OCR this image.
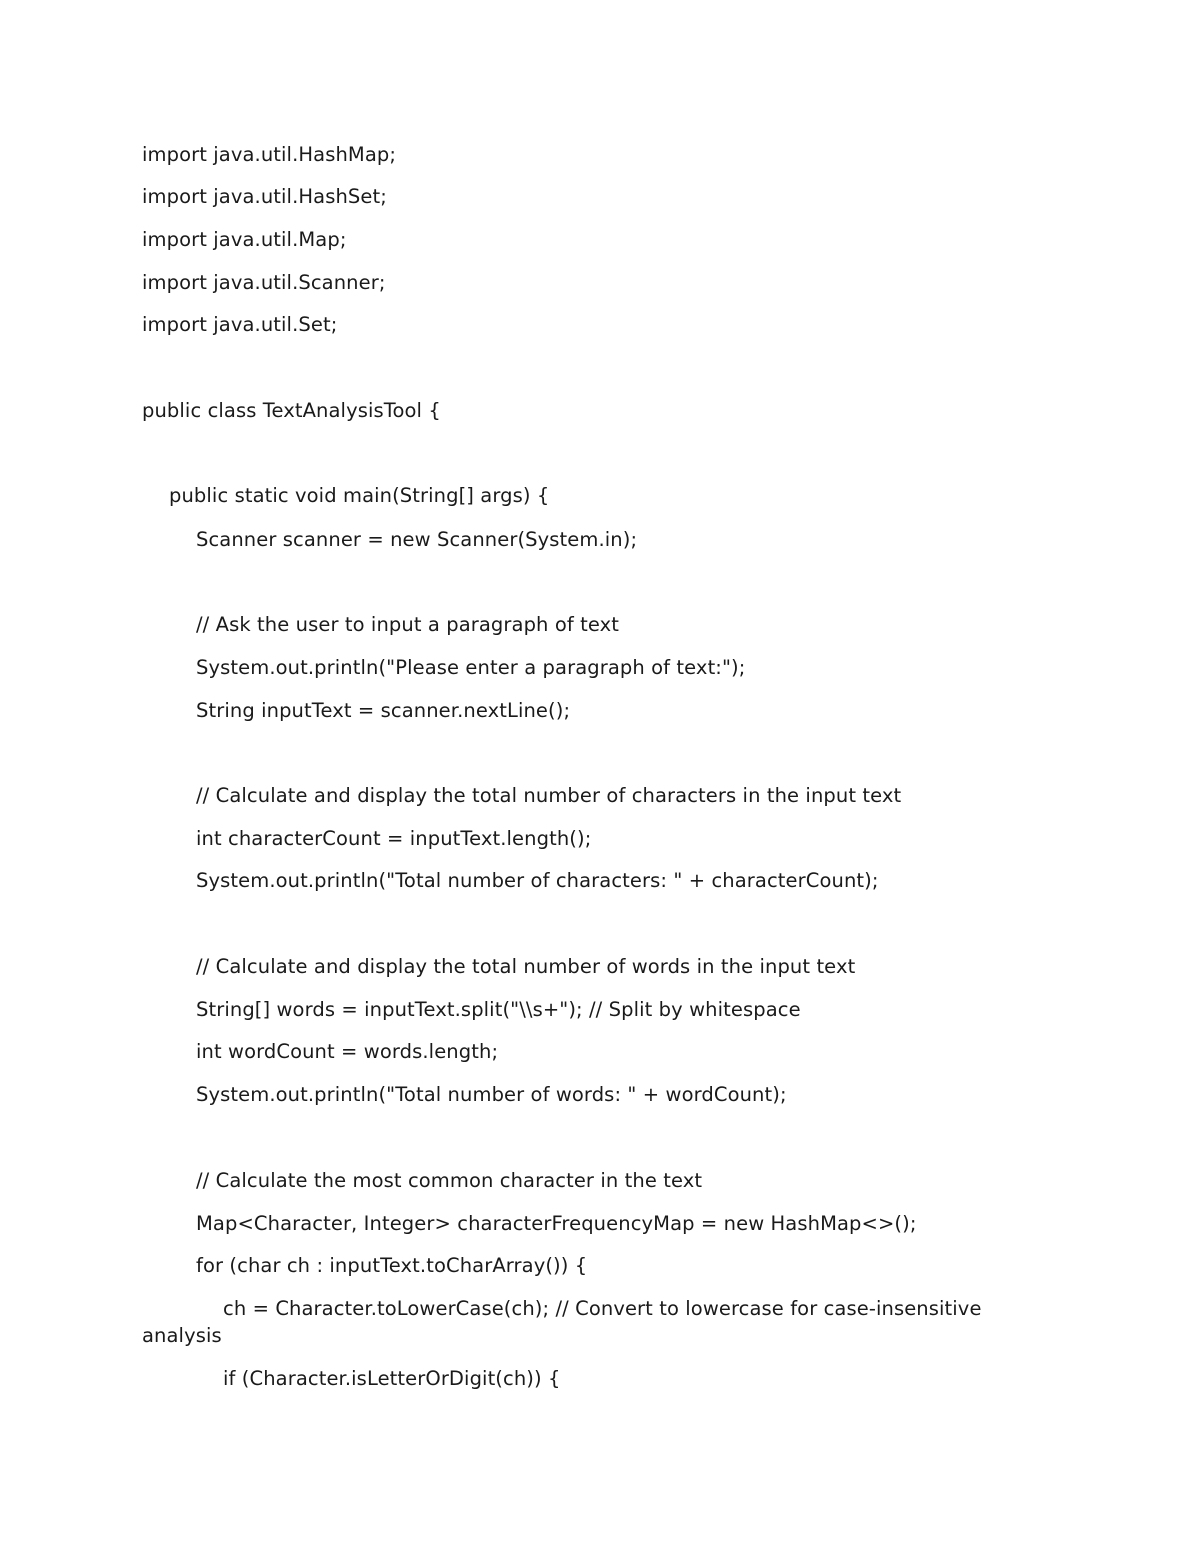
import java.util.HashMap;
import java.util.HashSet;
import java.util.Map;
import java.util.Scanner;
import java.util.Set;
public class TextAnalysisTool {
public static void main(String[] args) {
Scanner scanner = new Scanner(System.in);
// Ask the user to input a paragraph of text
System.out.println("Please enter a paragraph of text:");
String inputText = scanner.nextLine();
// Calculate and display the total number of characters in the input text
int characterCount = inputText.length();
System.out.println("Total number of characters: " + characterCount);
// Calculate and display the total number of words in the input text
String[] words = inputText.split("\\s+"); // Split by whitespace
int wordCount = words.length;
System.out.println("Total number of words: " + wordCount);
// Calculate the most common character in the text
Map<Character, Integer> characterFrequencyMap = new HashMap<>();
for (char ch : inputText.toCharArray()) {
ch = Character.toLowerCase(ch); // Convert to lowercase for case-insensitive analysis
if (Character.isLetterOrDigit(ch)) {
